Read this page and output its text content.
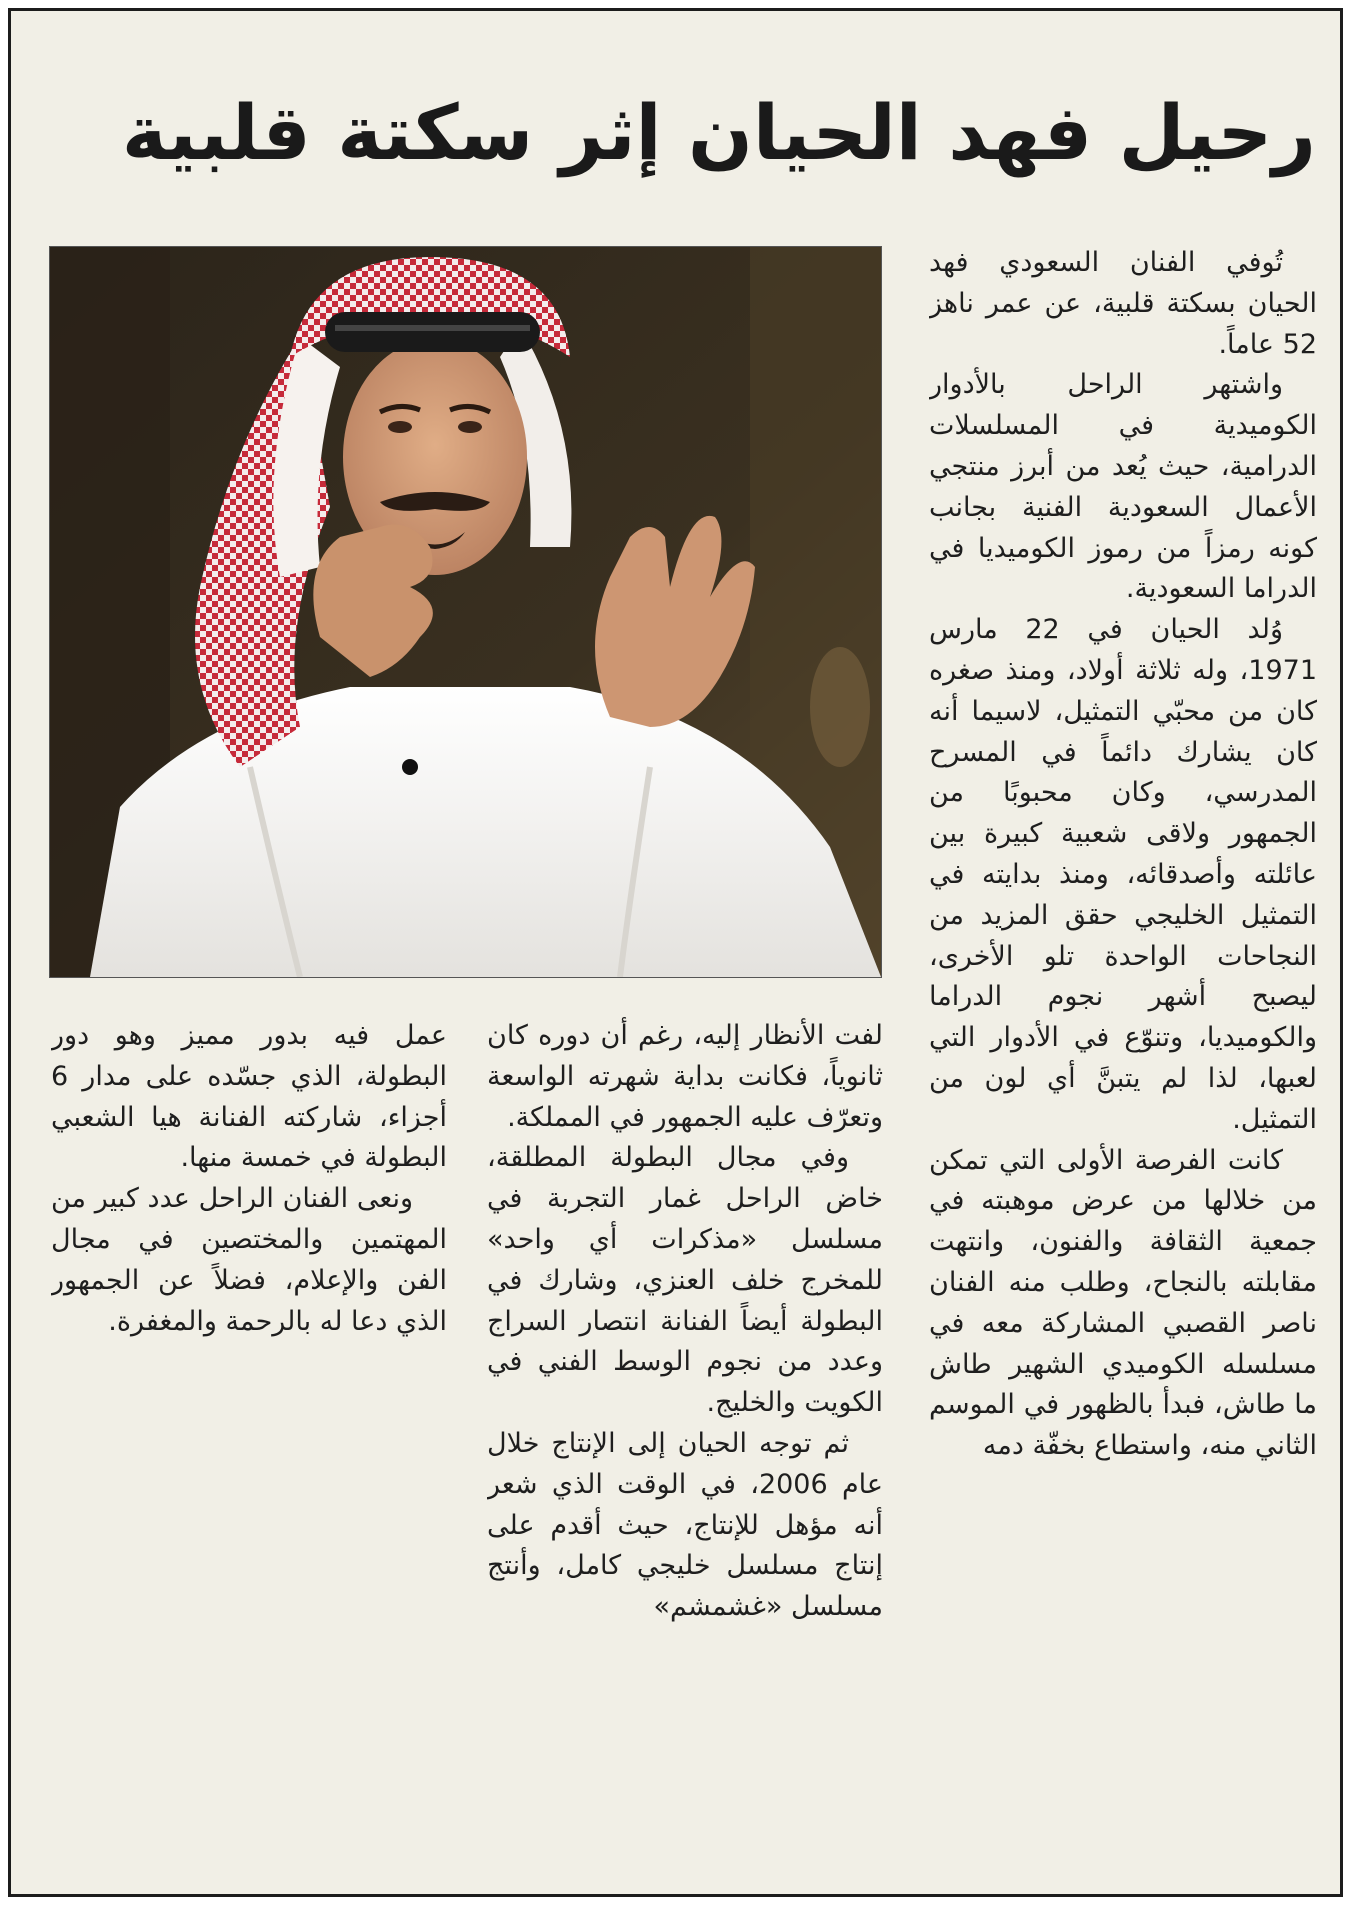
رحيل فهد الحيان إثر سكتة قلبية

تُوفي الفنان السعودي فهد الحيان بسكتة قلبية، عن عمر ناهز 52 عاماً.

واشتهر الراحل بالأدوار الكوميدية في المسلسلات الدرامية، حيث يُعد من أبرز منتجي الأعمال السعودية الفنية بجانب كونه رمزاً من رموز الكوميديا في الدراما السعودية.

وُلد الحيان في 22 مارس 1971، وله ثلاثة أولاد، ومنذ صغره كان من محبّي التمثيل، لاسيما أنه كان يشارك دائماً في المسرح المدرسي، وكان محبوبًا من الجمهور ولاقى شعبية كبيرة بين عائلته وأصدقائه، ومنذ بدايته في التمثيل الخليجي حقق المزيد من النجاحات الواحدة تلو الأخرى، ليصبح أشهر نجوم الدراما والكوميديا، وتنوّع في الأدوار التي لعبها، لذا لم يتبنَّ أي لون من التمثيل.

كانت الفرصة الأولى التي تمكن من خلالها من عرض موهبته في جمعية الثقافة والفنون، وانتهت مقابلته بالنجاح، وطلب منه الفنان ناصر القصبي المشاركة معه في مسلسله الكوميدي الشهير طاش ما طاش، فبدأ بالظهور في الموسم الثاني منه، واستطاع بخفّة دمه

لفت الأنظار إليه، رغم أن دوره كان ثانوياً، فكانت بداية شهرته الواسعة وتعرّف عليه الجمهور في المملكة.

وفي مجال البطولة المطلقة، خاض الراحل غمار التجربة في مسلسل «مذكرات أي واحد» للمخرج خلف العنزي، وشارك في البطولة أيضاً الفنانة انتصار السراج وعدد من نجوم الوسط الفني في الكويت والخليج.

ثم توجه الحيان إلى الإنتاج خلال عام 2006، في الوقت الذي شعر أنه مؤهل للإنتاج، حيث أقدم على إنتاج مسلسل خليجي كامل، وأنتج مسلسل «غشمشم»

عمل فيه بدور مميز وهو دور البطولة، الذي جسّده على مدار 6 أجزاء، شاركته الفنانة هيا الشعبي البطولة في خمسة منها.

ونعى الفنان الراحل عدد كبير من المهتمين والمختصين في مجال الفن والإعلام، فضلاً عن الجمهور الذي دعا له بالرحمة والمغفرة.
